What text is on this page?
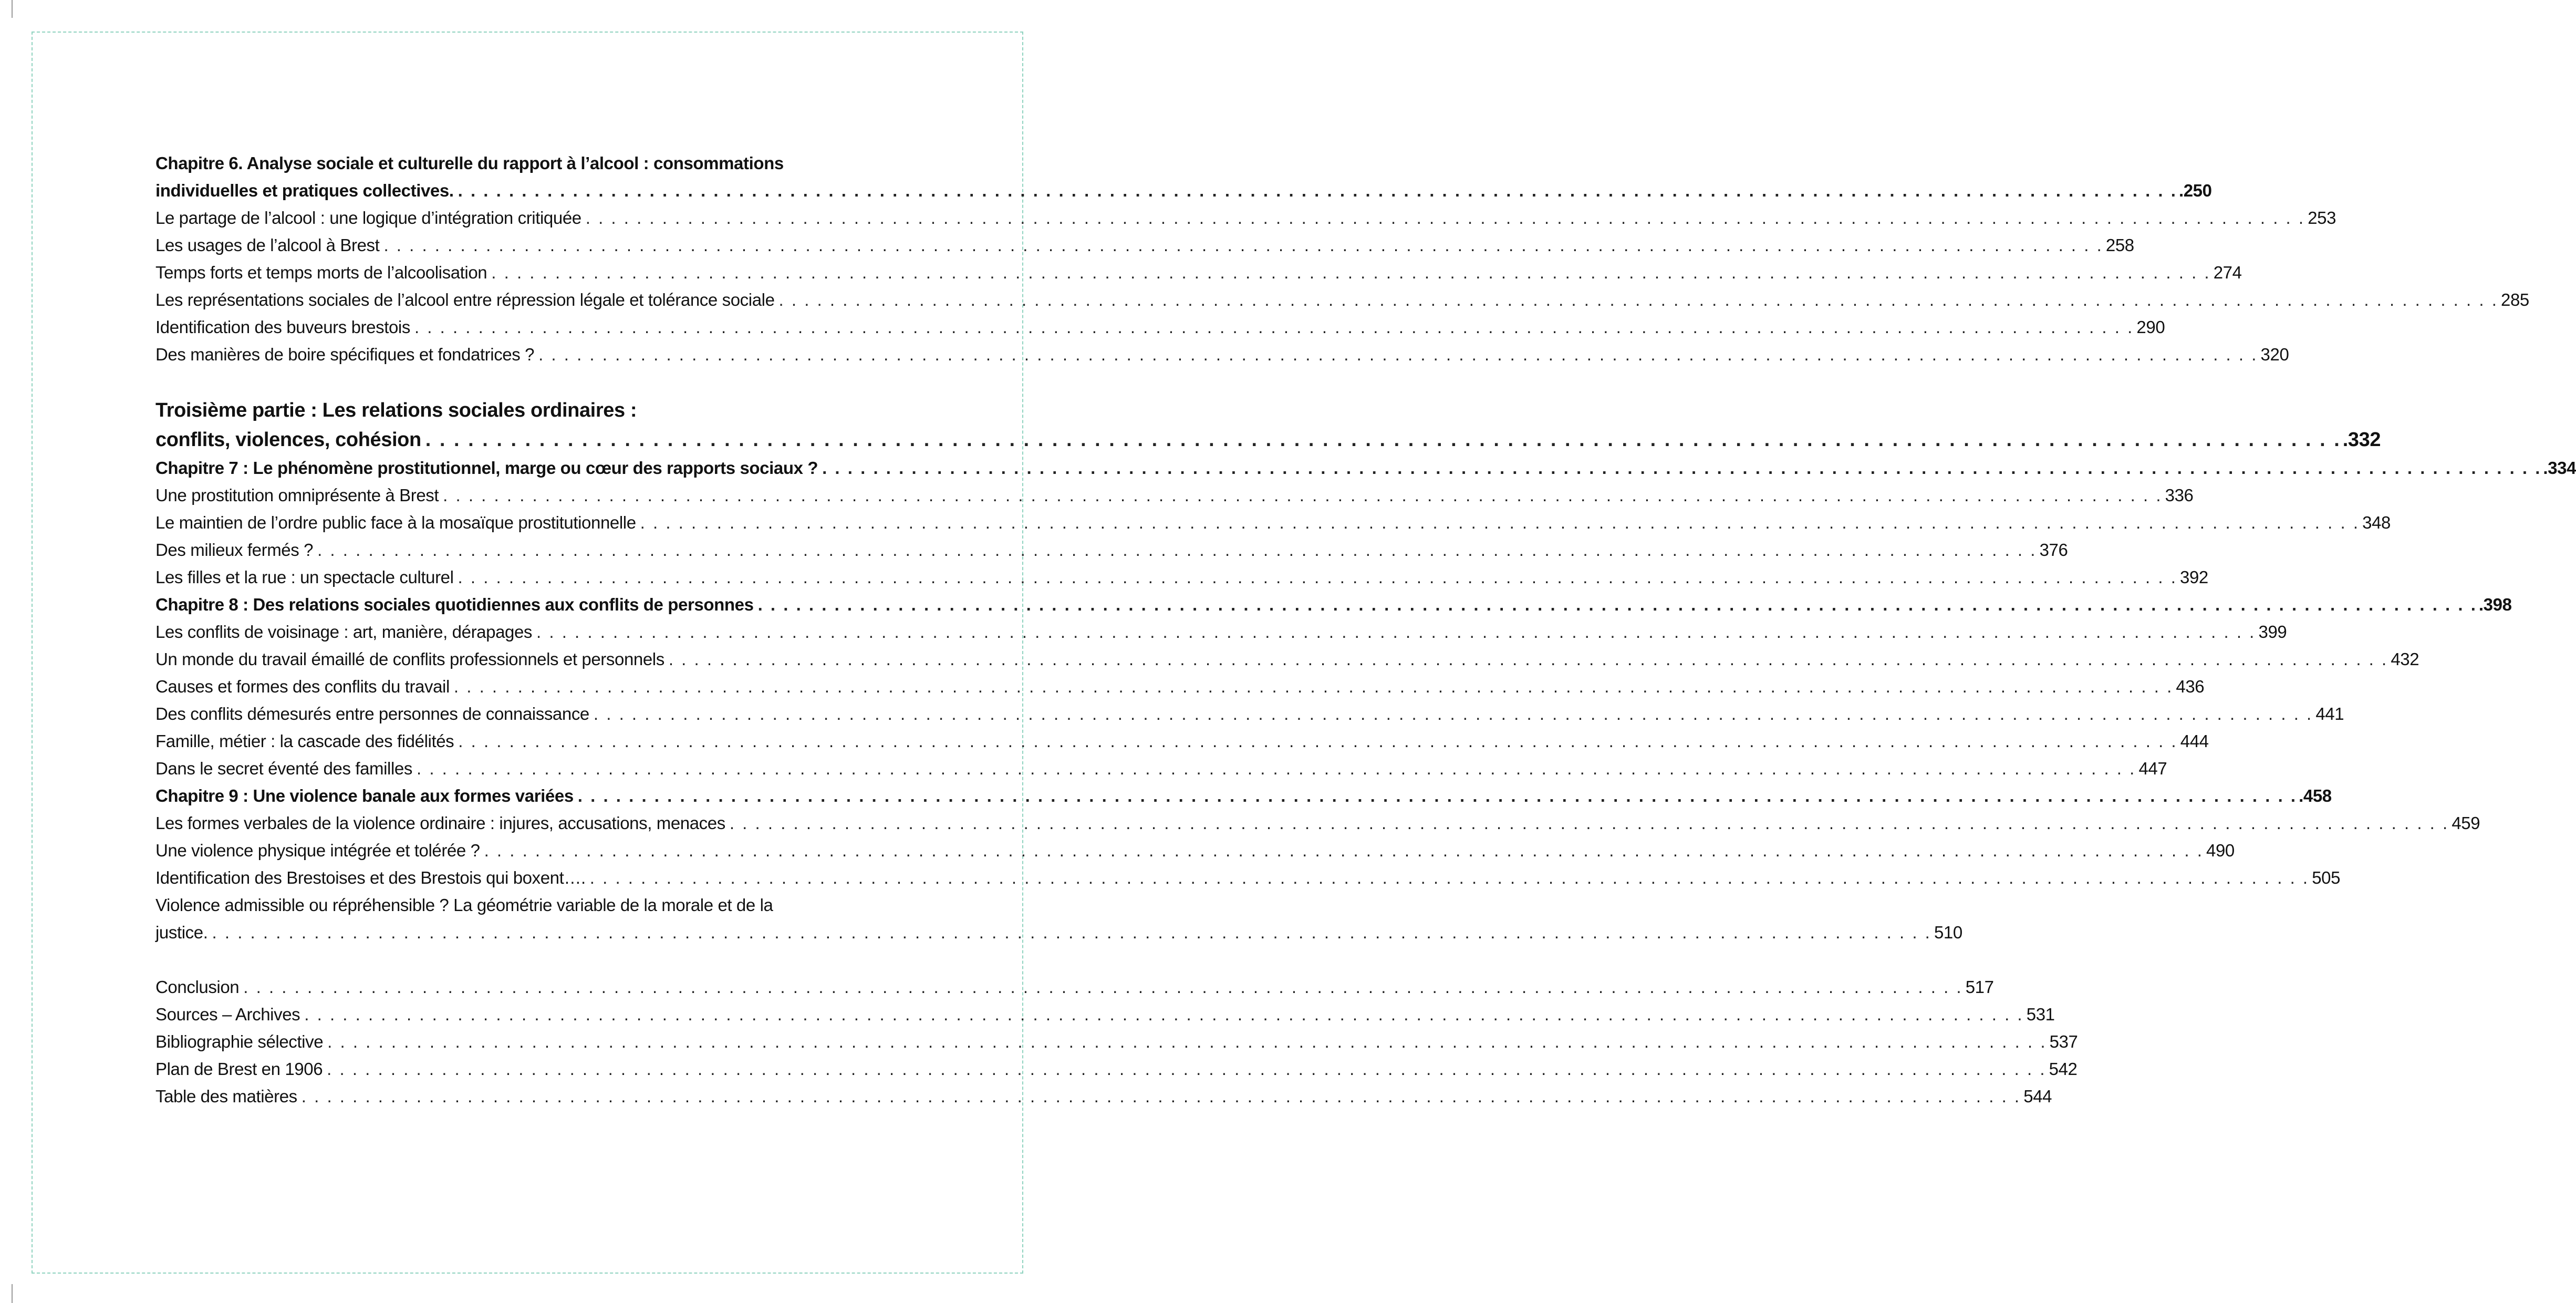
Chapitre 6. Analyse sociale et culturelle du rapport à l’alcool : consommations
individuelles et pratiques collectives. . . .	.250
Le partage de l’alcool : une logique d’intégration critiquée . . .	253
Les usages de l’alcool à Brest . . .	258
Temps forts et temps morts de l’alcoolisation . . .	274
Les représentations sociales de l’alcool entre répression légale et tolérance sociale . . .	285
Identification des buveurs brestois . . .	290
Des manières de boire spécifiques et fondatrices ? . . .	320
Troisième partie : Les relations sociales ordinaires :
conflits, violences, cohésion . . .	.332
Chapitre 7 : Le phénomène prostitutionnel, marge ou cœur des rapports sociaux ? . . .	.334
Une prostitution omniprésente à Brest . . .	336
Le maintien de l’ordre public face à la mosaïque prostitutionnelle . . .	348
Des milieux fermés ? . . .	376
Les filles et la rue : un spectacle culturel . . .	392
Chapitre 8 : Des relations sociales quotidiennes aux conflits de personnes . . .	.398
Les conflits de voisinage : art, manière, dérapages . . .	399
Un monde du travail émaillé de conflits professionnels et personnels . . .	432
Causes et formes des conflits du travail . . .	436
Des conflits démesurés entre personnes de connaissance . . .	441
Famille, métier : la cascade des fidélités . . .	444
Dans le secret éventé des familles . . .	447
Chapitre 9 : Une violence banale aux formes variées . . .	.458
Les formes verbales de la violence ordinaire : injures, accusations, menaces . . .	459
Une violence physique intégrée et tolérée ? . . .	490
Identification des Brestoises et des Brestois qui boxent…. . . .	505
Violence admissible ou répréhensible ? La géométrie variable de la morale et de la
justice. . . .	510
Conclusion . . .	517
Sources – Archives . . .	531
Bibliographie sélective . . .	537
Plan de Brest en 1906 . . .	542
Table des matières . . .	544
